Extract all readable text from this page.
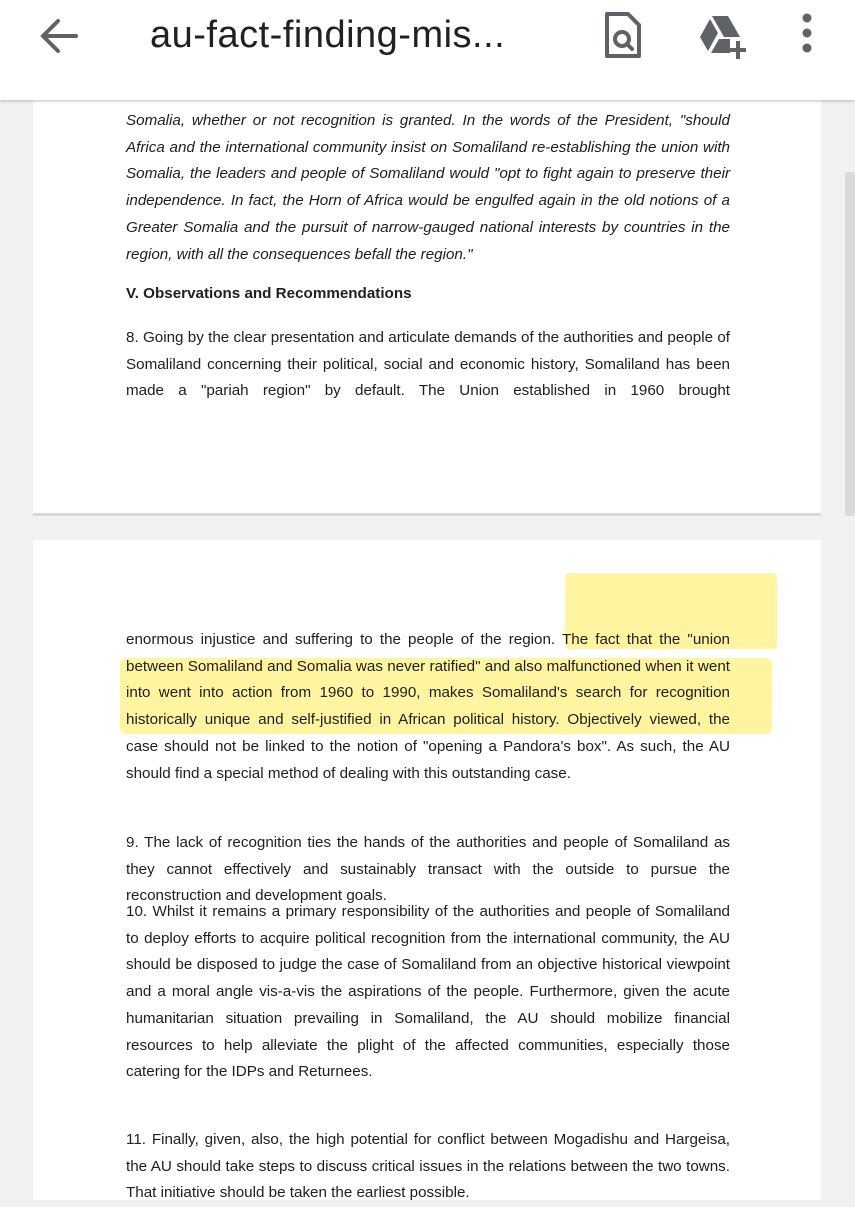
au-fact-finding-mis...

Somalia, whether or not recognition is granted. In the words of the President, "should Africa and the international community insist on Somaliland re-establishing the union with Somalia, the leaders and people of Somaliland would "opt to fight again to preserve their independence. In fact, the Horn of Africa would be engulfed again in the old notions of a Greater Somalia and the pursuit of narrow-gauged national interests by countries in the region, with all the consequences befall the region."

V. Observations and Recommendations

8. Going by the clear presentation and articulate demands of the authorities and people of Somaliland concerning their political, social and economic history, Somaliland has been made a "pariah region" by default. The Union established in 1960 brought

enormous injustice and suffering to the people of the region. The fact that the "union between Somaliland and Somalia was never ratified" and also malfunctioned when it went into went into action from 1960 to 1990, makes Somaliland's search for recognition historically unique and self-justified in African political history. Objectively viewed, the case should not be linked to the notion of "opening a Pandora's box". As such, the AU should find a special method of dealing with this outstanding case.

9. The lack of recognition ties the hands of the authorities and people of Somaliland as they cannot effectively and sustainably transact with the outside to pursue the reconstruction and development goals.

10. Whilst it remains a primary responsibility of the authorities and people of Somaliland to deploy efforts to acquire political recognition from the international community, the AU should be disposed to judge the case of Somaliland from an objective historical viewpoint and a moral angle vis-a-vis the aspirations of the people. Furthermore, given the acute humanitarian situation prevailing in Somaliland, the AU should mobilize financial resources to help alleviate the plight of the affected communities, especially those catering for the IDPs and Returnees.

11. Finally, given, also, the high potential for conflict between Mogadishu and Hargeisa, the AU should take steps to discuss critical issues in the relations between the two towns. That initiative should be taken the earliest possible.
